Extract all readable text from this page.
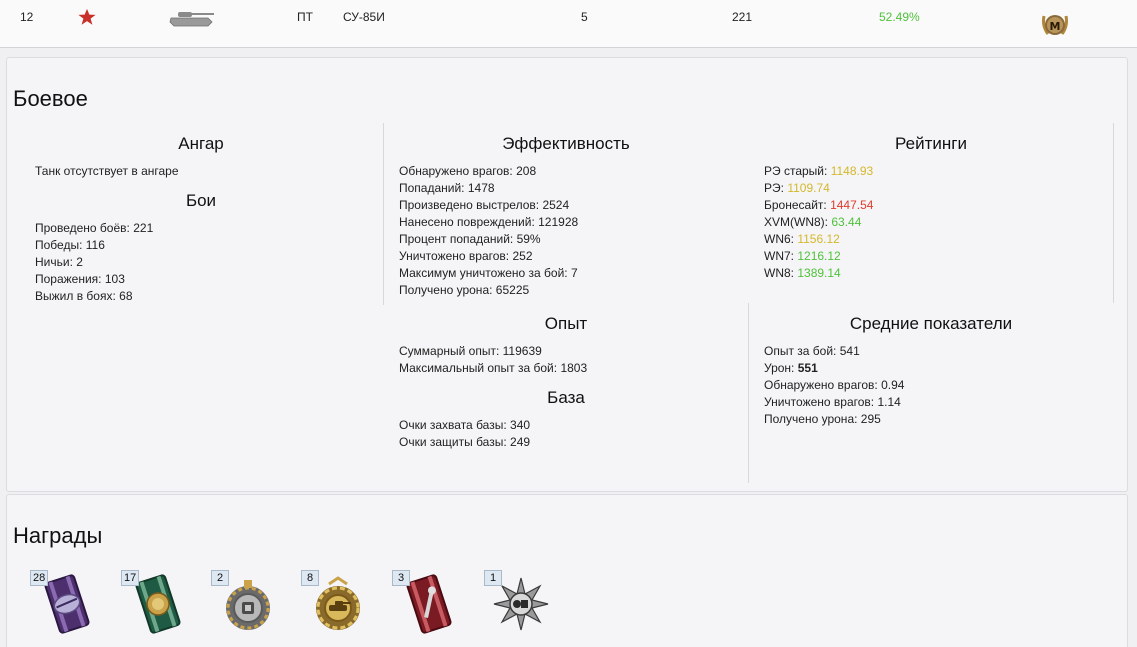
12	ПТ	СУ-85И	5	221	52.49%
М
Боевое
Ангар
Танк отсутствует в ангаре
Бои
Проведено боёв: 221
Победы: 116
Ничьи: 2
Поражения: 103
Выжил в боях: 68
Эффективность
Обнаружено врагов: 208
Попаданий: 1478
Произведено выстрелов: 2524
Нанесено повреждений: 121928
Процент попаданий: 59%
Уничтожено врагов: 252
Максимум уничтожено за бой: 7
Получено урона: 65225
Рейтинги
РЭ старый: 1148.93
РЭ: 1109.74
Бронесайт: 1447.54
XVM(WN8): 63.44
WN6: 1156.12
WN7: 1216.12
WN8: 1389.14
Опыт
Суммарный опыт: 119639
Максимальный опыт за бой: 1803
База
Очки захвата базы: 340
Очки защиты базы: 249
Средние показатели
Опыт за бой: 541
Урон: 551
Обнаружено врагов: 0.94
Уничтожено врагов: 1.14
Получено урона: 295
Награды
28	17	2	8	3	1
